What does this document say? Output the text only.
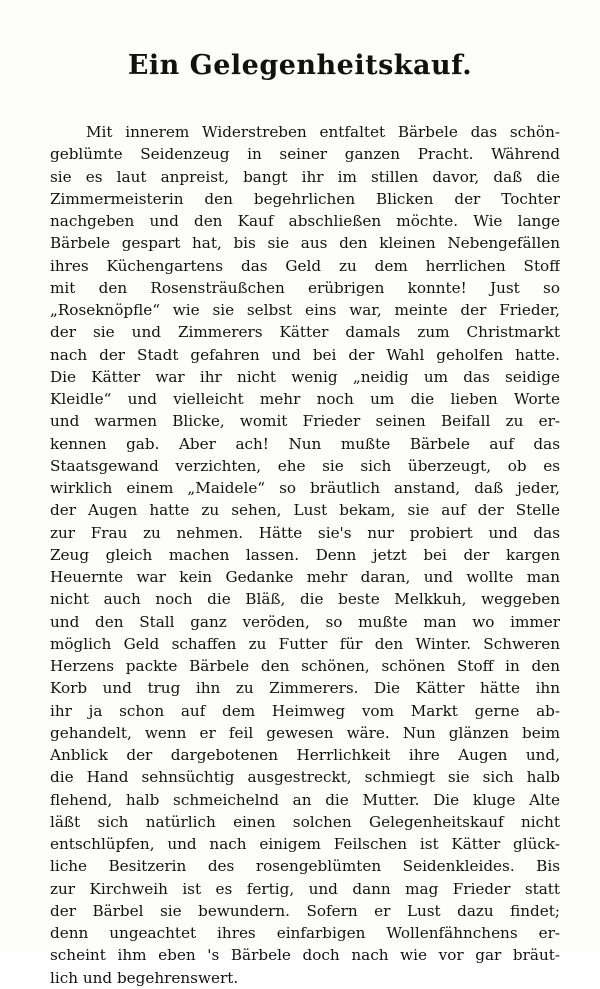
Ein Gelegenheitskauf.
Mit innerem Widerstreben entfaltet Bärbele das schön-
geblümte Seidenzeug in seiner ganzen Pracht. Während
sie es laut anpreist, bangt ihr im stillen davor, daß die
Zimmermeisterin den begehrlichen Blicken der Tochter
nachgeben und den Kauf abschließen möchte. Wie lange
Bärbele gespart hat, bis sie aus den kleinen Nebengefällen
ihres Küchengartens das Geld zu dem herrlichen Stoff
mit den Rosensträußchen erübrigen konnte! Just so
„Roseknöpfle“ wie sie selbst eins war, meinte der Frieder,
der sie und Zimmerers Kätter damals zum Christmarkt
nach der Stadt gefahren und bei der Wahl geholfen hatte.
Die Kätter war ihr nicht wenig „neidig um das seidige
Kleidle“ und vielleicht mehr noch um die lieben Worte
und warmen Blicke, womit Frieder seinen Beifall zu er-
kennen gab. Aber ach! Nun mußte Bärbele auf das
Staatsgewand verzichten, ehe sie sich überzeugt, ob es
wirklich einem „Maidele“ so bräutlich anstand, daß jeder,
der Augen hatte zu sehen, Lust bekam, sie auf der Stelle
zur Frau zu nehmen. Hätte sie's nur probiert und das
Zeug gleich machen lassen. Denn jetzt bei der kargen
Heuernte war kein Gedanke mehr daran, und wollte man
nicht auch noch die Bläß, die beste Melkkuh, weggeben
und den Stall ganz veröden, so mußte man wo immer
möglich Geld schaffen zu Futter für den Winter. Schweren
Herzens packte Bärbele den schönen, schönen Stoff in den
Korb und trug ihn zu Zimmerers. Die Kätter hätte ihn
ihr ja schon auf dem Heimweg vom Markt gerne ab-
gehandelt, wenn er feil gewesen wäre. Nun glänzen beim
Anblick der dargebotenen Herrlichkeit ihre Augen und,
die Hand sehnsüchtig ausgestreckt, schmiegt sie sich halb
flehend, halb schmeichelnd an die Mutter. Die kluge Alte
läßt sich natürlich einen solchen Gelegenheitskauf nicht
entschlüpfen, und nach einigem Feilschen ist Kätter glück-
liche Besitzerin des rosengeblümten Seidenkleides. Bis
zur Kirchweih ist es fertig, und dann mag Frieder statt
der Bärbel sie bewundern. Sofern er Lust dazu findet;
denn ungeachtet ihres einfarbigen Wollenfähnchens er-
scheint ihm eben 's Bärbele doch nach wie vor gar bräut-
lich und begehrenswert.
